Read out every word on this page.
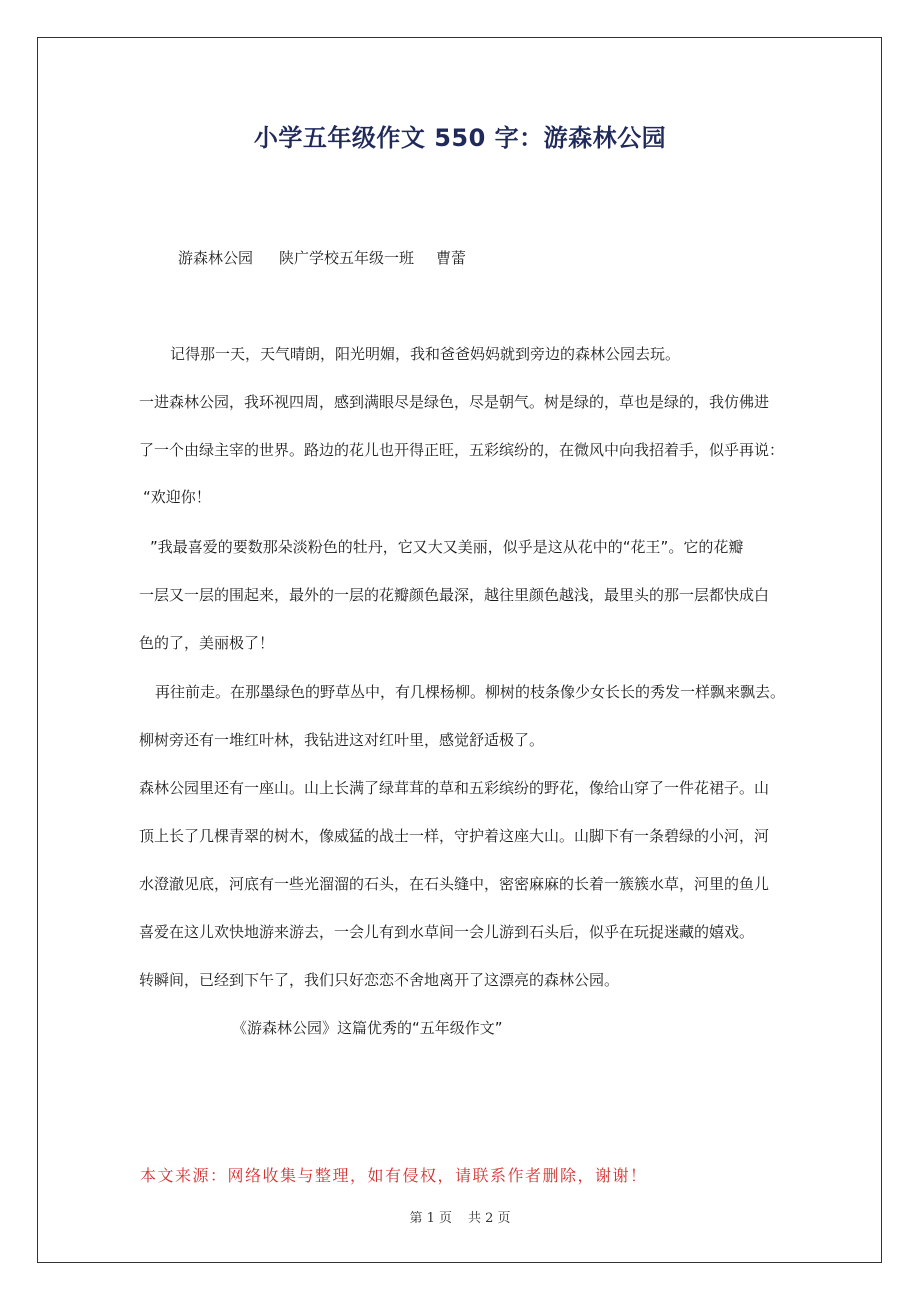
小学五年级作文 550 字：游森林公园
游森林公园 陕广学校五年级一班 曹蕾
记得那一天，天气晴朗，阳光明媚，我和爸爸妈妈就到旁边的森林公园去玩。
一进森林公园，我环视四周，感到满眼尽是绿色，尽是朝气。树是绿的，草也是绿的，我仿佛进
了一个由绿主宰的世界。路边的花儿也开得正旺，五彩缤纷的，在微风中向我招着手，似乎再说：
“欢迎你！
”我最喜爱的要数那朵淡粉色的牡丹，它又大又美丽，似乎是这从花中的“花王”。它的花瓣
一层又一层的围起来，最外的一层的花瓣颜色最深，越往里颜色越浅，最里头的那一层都快成白
色的了，美丽极了！
再往前走。在那墨绿色的野草丛中，有几棵杨柳。柳树的枝条像少女长长的秀发一样飘来飘去。
柳树旁还有一堆红叶林，我钻进这对红叶里，感觉舒适极了。
森林公园里还有一座山。山上长满了绿茸茸的草和五彩缤纷的野花，像给山穿了一件花裙子。山
顶上长了几棵青翠的树木，像威猛的战士一样，守护着这座大山。山脚下有一条碧绿的小河，河
水澄澈见底，河底有一些光溜溜的石头，在石头缝中，密密麻麻的长着一簇簇水草，河里的鱼儿
喜爱在这儿欢快地游来游去，一会儿有到水草间一会儿游到石头后，似乎在玩捉迷藏的嬉戏。
转瞬间，已经到下午了，我们只好恋恋不舍地离开了这漂亮的森林公园。
《游森林公园》这篇优秀的“五年级作文”
本文来源：网络收集与整理，如有侵权，请联系作者删除，谢谢！
第 1 页 共 2 页
